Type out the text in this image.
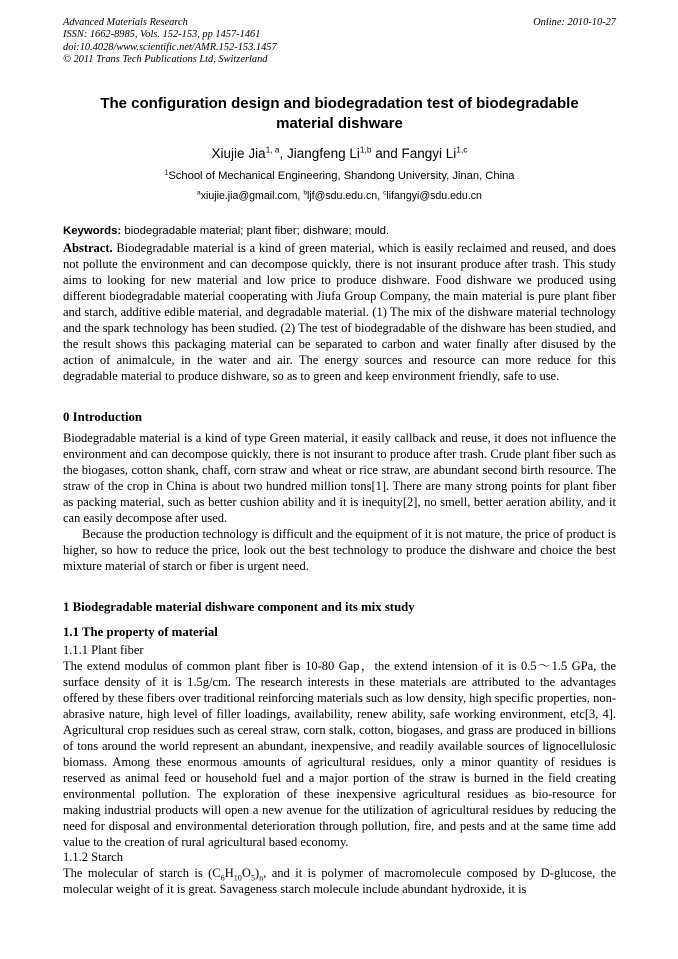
Advanced Materials Research
ISSN: 1662-8985, Vols. 152-153, pp 1457-1461
doi:10.4028/www.scientific.net/AMR.152-153.1457
© 2011 Trans Tech Publications Ltd, Switzerland
Online: 2010-10-27
The configuration design and biodegradation test of biodegradable material dishware
Xiujie Jia$^{1, a}$, Jiangfeng Li$^{1,b}$ and Fangyi Li$^{1,c}$
$^1$School of Mechanical Engineering, Shandong University, Jinan, China
$^a$xiujie.jia@gmail.com, $^b$ljf@sdu.edu.cn, $^c$lifangyi@sdu.edu.cn
Keywords: biodegradable material; plant fiber; dishware; mould.

Abstract. Biodegradable material is a kind of green material, which is easily reclaimed and reused, and does not pollute the environment and can decompose quickly, there is not insurant produce after trash. This study aims to looking for new material and low price to produce dishware. Food dishware we produced using different biodegradable material cooperating with Jiufa Group Company, the main material is pure plant fiber and starch, additive edible material, and degradable material. (1) The mix of the dishware material technology and the spark technology has been studied. (2) The test of biodegradable of the dishware has been studied, and the result shows this packaging material can be separated to carbon and water finally after disused by the action of animalcule, in the water and air. The energy sources and resource can more reduce for this degradable material to produce dishware, so as to green and keep environment friendly, safe to use.

0 Introduction

Biodegradable material is a kind of type Green material, it easily callback and reuse, it does not influence the environment and can decompose quickly, there is not insurant to produce after trash. Crude plant fiber such as the biogases, cotton shank, chaff, corn straw and wheat or rice straw, are abundant second birth resource. The straw of the crop in China is about two hundred million tons[1]. There are many strong points for plant fiber as packing material, such as better cushion ability and it is inequity[2], no smell, better aeration ability, and it can easily decompose after used.

Because the production technology is difficult and the equipment of it is not mature, the price of product is higher, so how to reduce the price, look out the best technology to produce the dishware and choice the best mixture material of starch or fiber is urgent need.

1 Biodegradable material dishware component and its mix study
1.1 The property of material
1.1.1 Plant fiber

The extend modulus of common plant fiber is 10-80 Gap，the extend intension of it is 0.5～1.5 GPa, the surface density of it is 1.5g/cm. The research interests in these materials are attributed to the advantages offered by these fibers over traditional reinforcing materials such as low density, high specific properties, non-abrasive nature, high level of filler loadings, availability, renew ability, safe working environment, etc[3, 4]. Agricultural crop residues such as cereal straw, corn stalk, cotton, biogases, and grass are produced in billions of tons around the world represent an abundant, inexpensive, and readily available sources of lignocellulosic biomass. Among these enormous amounts of agricultural residues, only a minor quantity of residues is reserved as animal feed or household fuel and a major portion of the straw is burned in the field creating environmental pollution. The exploration of these inexpensive agricultural residues as bio-resource for making industrial products will open a new avenue for the utilization of agricultural residues by reducing the need for disposal and environmental deterioration through pollution, fire, and pests and at the same time add value to the creation of rural agricultural based economy.

1.1.2 Starch

The molecular of starch is $(C_6H_{10}O_5)_n$, and it is polymer of macromolecule composed by D-glucose, the molecular weight of it is great. Savageness starch molecule include abundant hydroxide, it is
